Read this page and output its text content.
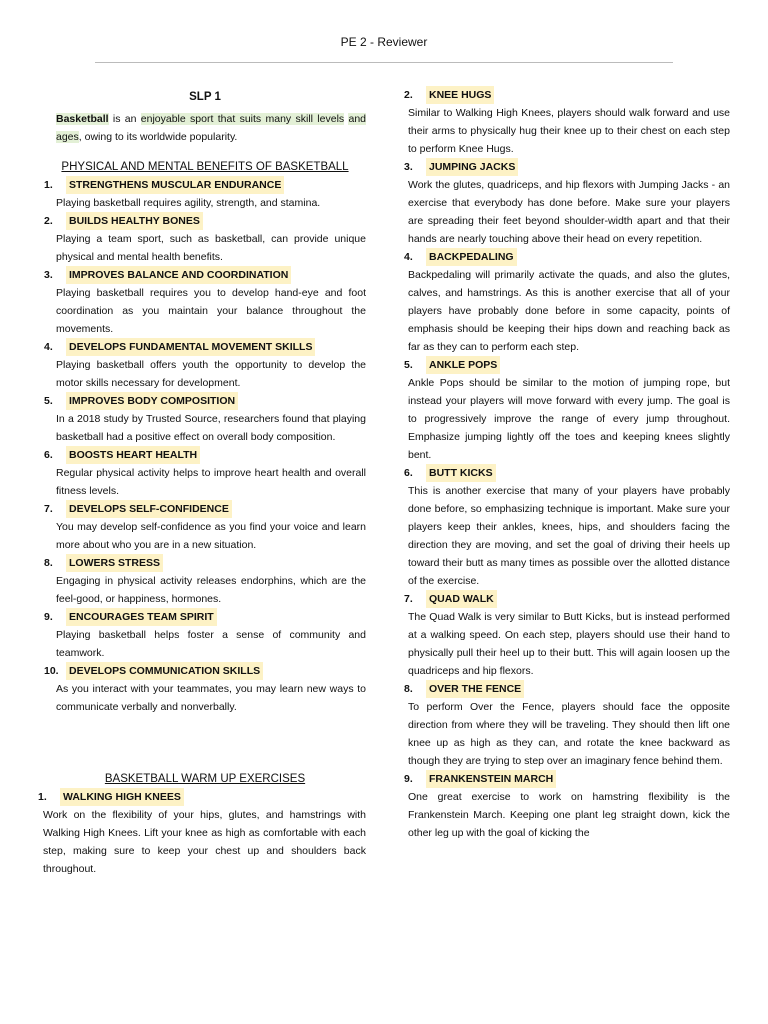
PE 2 - Reviewer
SLP 1
Basketball is an enjoyable sport that suits many skill levels and ages, owing to its worldwide popularity.
PHYSICAL AND MENTAL BENEFITS OF BASKETBALL
1.	STRENGTHENS MUSCULAR ENDURANCE
Playing basketball requires agility, strength, and stamina.
2.	BUILDS HEALTHY BONES
Playing a team sport, such as basketball, can provide unique physical and mental health benefits.
3.	IMPROVES BALANCE AND COORDINATION
Playing basketball requires you to develop hand-eye and foot coordination as you maintain your balance throughout the movements.
4.	DEVELOPS FUNDAMENTAL MOVEMENT SKILLS
Playing basketball offers youth the opportunity to develop the motor skills necessary for development.
5.	IMPROVES BODY COMPOSITION
In a 2018 study by Trusted Source, researchers found that playing basketball had a positive effect on overall body composition.
6.	BOOSTS HEART HEALTH
Regular physical activity helps to improve heart health and overall fitness levels.
7.	DEVELOPS SELF-CONFIDENCE
You may develop self-confidence as you find your voice and learn more about who you are in a new situation.
8.	LOWERS STRESS
Engaging in physical activity releases endorphins, which are the feel-good, or happiness, hormones.
9.	ENCOURAGES TEAM SPIRIT
Playing basketball helps foster a sense of community and teamwork.
10. DEVELOPS COMMUNICATION SKILLS
As you interact with your teammates, you may learn new ways to communicate verbally and nonverbally.
BASKETBALL WARM UP EXERCISES
1.	WALKING HIGH KNEES
Work on the flexibility of your hips, glutes, and hamstrings with Walking High Knees. Lift your knee as high as comfortable with each step, making sure to keep your chest up and shoulders back throughout.
2.	KNEE HUGS
Similar to Walking High Knees, players should walk forward and use their arms to physically hug their knee up to their chest on each step to perform Knee Hugs.
3.	JUMPING JACKS
Work the glutes, quadriceps, and hip flexors with Jumping Jacks - an exercise that everybody has done before. Make sure your players are spreading their feet beyond shoulder-width apart and that their hands are nearly touching above their head on every repetition.
4.	BACKPEDALING
Backpedaling will primarily activate the quads, and also the glutes, calves, and hamstrings. As this is another exercise that all of your players have probably done before in some capacity, points of emphasis should be keeping their hips down and reaching back as far as they can to perform each step.
5.	ANKLE POPS
Ankle Pops should be similar to the motion of jumping rope, but instead your players will move forward with every jump. The goal is to progressively improve the range of every jump throughout. Emphasize jumping lightly off the toes and keeping knees slightly bent.
6.	BUTT KICKS
This is another exercise that many of your players have probably done before, so emphasizing technique is important. Make sure your players keep their ankles, knees, hips, and shoulders facing the direction they are moving, and set the goal of driving their heels up toward their butt as many times as possible over the allotted distance of the exercise.
7.	QUAD WALK
The Quad Walk is very similar to Butt Kicks, but is instead performed at a walking speed. On each step, players should use their hand to physically pull their heel up to their butt. This will again loosen up the quadriceps and hip flexors.
8.	OVER THE FENCE
To perform Over the Fence, players should face the opposite direction from where they will be traveling. They should then lift one knee up as high as they can, and rotate the knee backward as though they are trying to step over an imaginary fence behind them.
9.	FRANKENSTEIN MARCH
One great exercise to work on hamstring flexibility is the Frankenstein March. Keeping one plant leg straight down, kick the other leg up with the goal of kicking the
